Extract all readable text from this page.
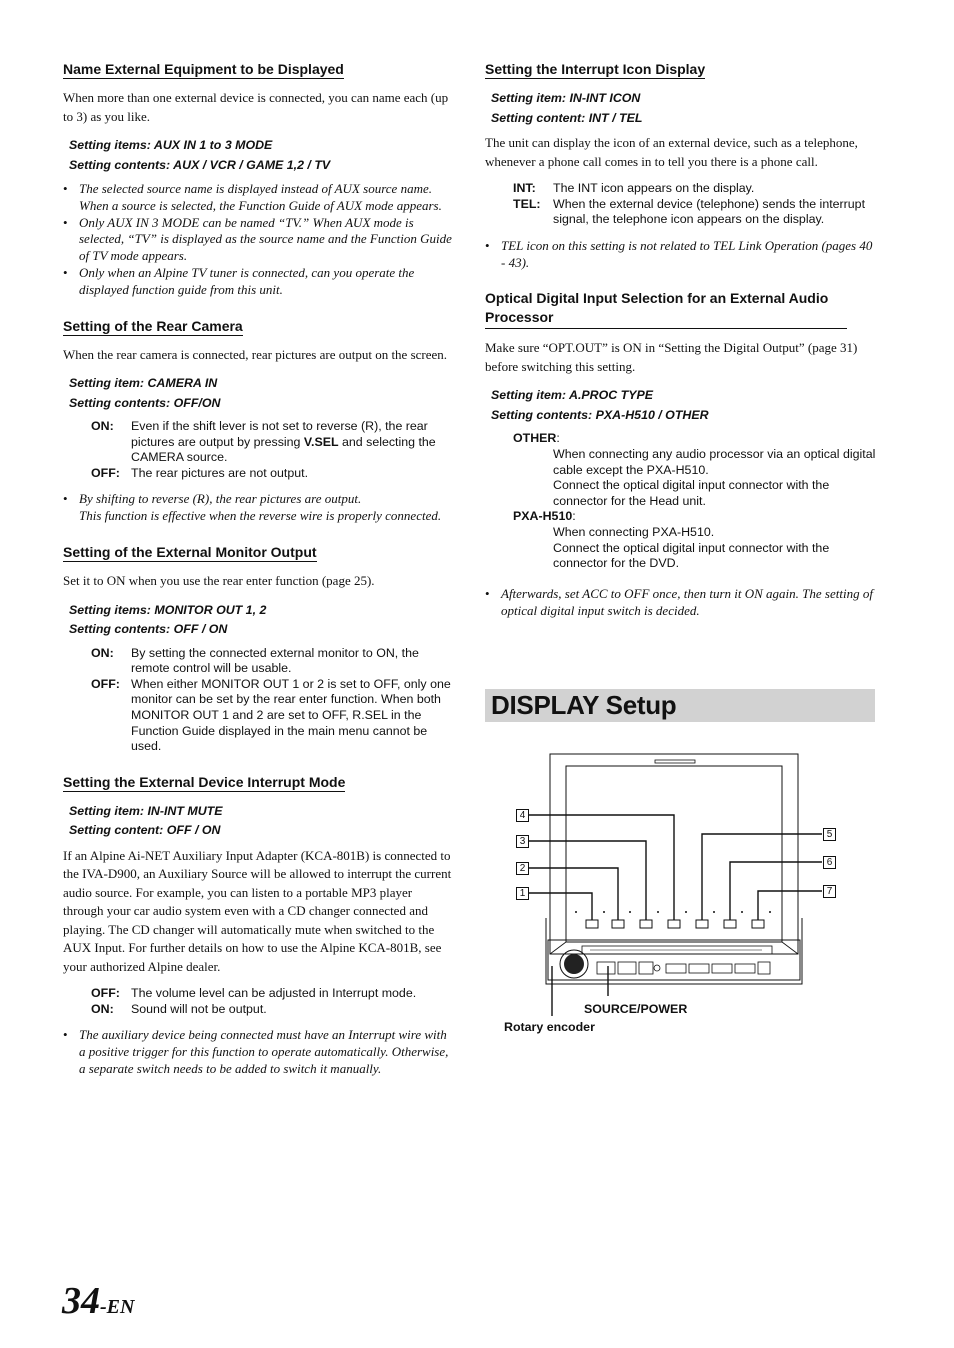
Name External Equipment to be Displayed

When more than one external device is connected, you can name each (up to 3) as you like.

Setting items: AUX IN 1 to 3 MODE
Setting contents: AUX / VCR / GAME 1,2 / TV
• The selected source name is displayed instead of AUX source name. When a source is selected, the Function Guide of AUX mode appears.
• Only AUX IN 3 MODE can be named “TV.” When AUX mode is selected, “TV” is displayed as the source name and the Function Guide of TV mode appears.
• Only when an Alpine TV tuner is connected, can you operate the displayed function guide from this unit.
Setting of the Rear Camera

When the rear camera is connected, rear pictures are output on the screen.

Setting item: CAMERA IN
Setting contents: OFF/ON
ON:	Even if the shift lever is not set to reverse (R), the rear pictures are output by pressing V.SEL and selecting the CAMERA source.
OFF: The rear pictures are not output.
• By shifting to reverse (R), the rear pictures are output.
This function is effective when the reverse wire is properly connected.
Setting of the External Monitor Output

Set it to ON when you use the rear enter function (page 25).

Setting items: MONITOR OUT 1, 2
Setting contents: OFF / ON
ON:	By setting the connected external monitor to ON, the remote control will be usable.
OFF: When either MONITOR OUT 1 or 2 is set to OFF, only one monitor can be set by the rear enter function. When both MONITOR OUT 1 and 2 are set to OFF, R.SEL in the Function Guide displayed in the main menu cannot be used.
Setting the External Device Interrupt Mode
Setting item: IN-INT MUTE
Setting content: OFF / ON

If an Alpine Ai-NET Auxiliary Input Adapter (KCA-801B) is connected to the IVA-D900, an Auxiliary Source will be allowed to interrupt the current audio source. For example, you can listen to a portable MP3 player through your car audio system even with a CD changer connected and playing. The CD changer will automatically mute when switched to the AUX Input. For further details on how to use the Alpine KCA-801B, see your authorized Alpine dealer.

OFF: The volume level can be adjusted in Interrupt mode.
ON:	Sound will not be output.
• The auxiliary device being connected must have an Interrupt wire with a positive trigger for this function to operate automatically. Otherwise, a separate switch needs to be added to switch it manually.
Setting the Interrupt Icon Display
Setting item: IN-INT ICON
Setting content: INT / TEL

The unit can display the icon of an external device, such as a telephone, whenever a phone call comes in to tell you there is a phone call.

INT:	The INT icon appears on the display.
TEL:	When the external device (telephone) sends the interrupt signal, the telephone icon appears on the display.
• TEL icon on this setting is not related to TEL Link Operation (pages 40 - 43).
Optical Digital Input Selection for an External Audio Processor

Make sure “OPT.OUT” is ON in “Setting the Digital Output” (page 31) before switching this setting.

Setting item: A.PROC TYPE
Setting contents: PXA-H510 / OTHER
OTHER:

When connecting any audio processor via an optical digital cable except the PXA-H510.

Connect the optical digital input connector with the connector for the Head unit.

PXA-H510:

When connecting PXA-H510.

Connect the optical digital input connector with the connector for the DVD.

• Afterwards, set ACC to OFF once, then turn it ON again. The setting of optical digital input switch is decided.
DISPLAY Setup
1
2
3
4
5
6
7
SOURCE/POWER
Rotary encoder
34-EN
